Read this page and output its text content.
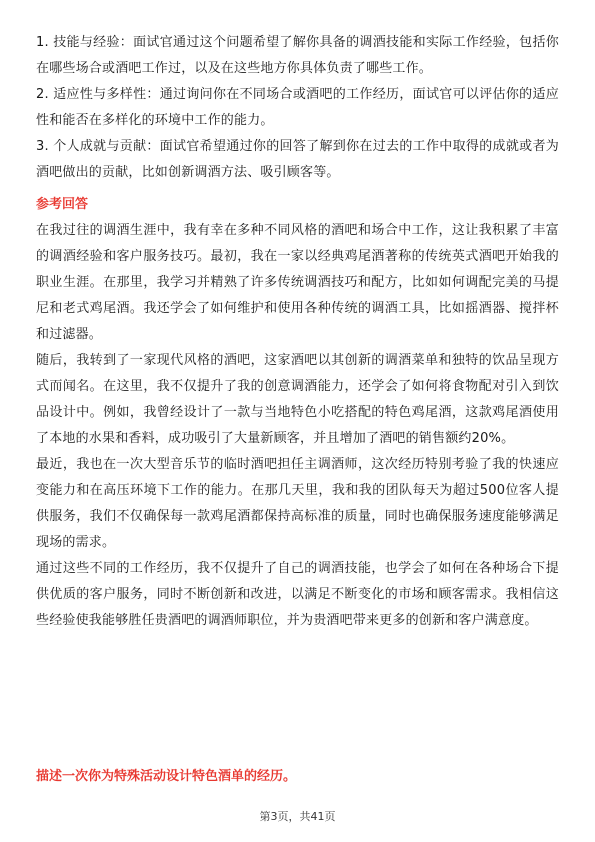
1. 技能与经验：面试官通过这个问题希望了解你具备的调酒技能和实际工作经验，包括你在哪些场合或酒吧工作过，以及在这些地方你具体负责了哪些工作。

2. 适应性与多样性：通过询问你在不同场合或酒吧的工作经历，面试官可以评估你的适应性和能否在多样化的环境中工作的能力。

3. 个人成就与贡献：面试官希望通过你的回答了解到你在过去的工作中取得的成就或者为酒吧做出的贡献，比如创新调酒方法、吸引顾客等。

参考回答

在我过往的调酒生涯中，我有幸在多种不同风格的酒吧和场合中工作，这让我积累了丰富的调酒经验和客户服务技巧。最初，我在一家以经典鸡尾酒著称的传统英式酒吧开始我的职业生涯。在那里，我学习并精熟了许多传统调酒技巧和配方，比如如何调配完美的马提尼和老式鸡尾酒。我还学会了如何维护和使用各种传统的调酒工具，比如摇酒器、搅拌杯和过滤器。

随后，我转到了一家现代风格的酒吧，这家酒吧以其创新的调酒菜单和独特的饮品呈现方式而闻名。在这里，我不仅提升了我的创意调酒能力，还学会了如何将食物配对引入到饮品设计中。例如，我曾经设计了一款与当地特色小吃搭配的特色鸡尾酒，这款鸡尾酒使用了本地的水果和香料，成功吸引了大量新顾客，并且增加了酒吧的销售额约20%。

最近，我也在一次大型音乐节的临时酒吧担任主调酒师，这次经历特别考验了我的快速应变能力和在高压环境下工作的能力。在那几天里，我和我的团队每天为超过500位客人提供服务，我们不仅确保每一款鸡尾酒都保持高标准的质量，同时也确保服务速度能够满足现场的需求。

通过这些不同的工作经历，我不仅提升了自己的调酒技能，也学会了如何在各种场合下提供优质的客户服务，同时不断创新和改进，以满足不断变化的市场和顾客需求。我相信这些经验使我能够胜任贵酒吧的调酒师职位，并为贵酒吧带来更多的创新和客户满意度。

描述一次你为特殊活动设计特色酒单的经历。

第3页，共41页
